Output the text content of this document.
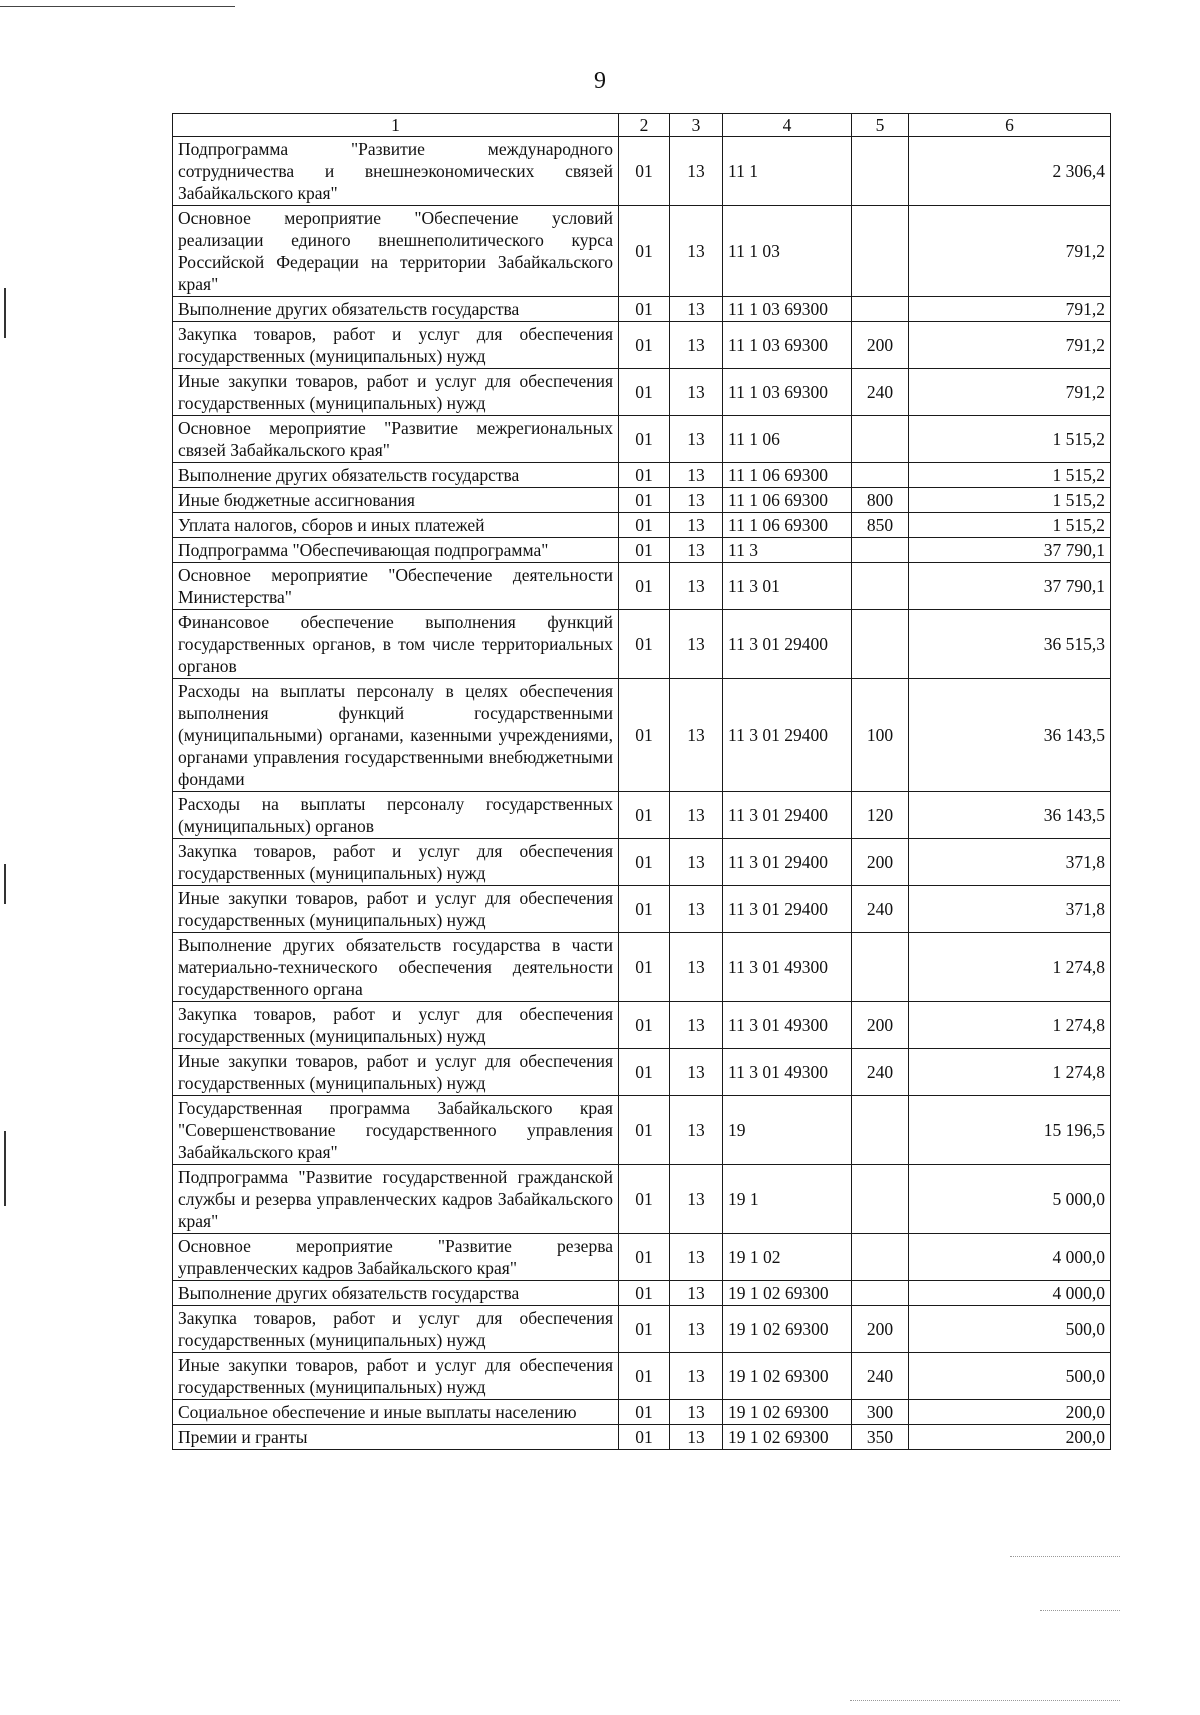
9
1	2	3	4	5	6
Подпрограмма "Развитие международного сотрудничества и внешнеэкономических связей Забайкальского края"	01	13	11 1		2 306,4
Основное мероприятие "Обеспечение условий реализации единого внешнеполитического курса Российской Федерации на территории Забайкальского края"	01	13	11 1 03		791,2
Выполнение других обязательств государства	01	13	11 1 03 69300		791,2
Закупка товаров, работ и услуг для обеспечения государственных (муниципальных) нужд	01	13	11 1 03 69300	200	791,2
Иные закупки товаров, работ и услуг для обеспечения государственных (муниципальных) нужд	01	13	11 1 03 69300	240	791,2
Основное мероприятие "Развитие межрегиональных связей Забайкальского края"	01	13	11 1 06		1 515,2
Выполнение других обязательств государства	01	13	11 1 06 69300		1 515,2
Иные бюджетные ассигнования	01	13	11 1 06 69300	800	1 515,2
Уплата налогов, сборов и иных платежей	01	13	11 1 06 69300	850	1 515,2
Подпрограмма "Обеспечивающая подпрограмма"	01	13	11 3		37 790,1
Основное мероприятие "Обеспечение деятельности Министерства"	01	13	11 3 01		37 790,1
Финансовое обеспечение выполнения функций государственных органов, в том числе территориальных органов	01	13	11 3 01 29400		36 515,3
Расходы на выплаты персоналу в целях обеспечения выполнения функций государственными (муниципальными) органами, казенными учреждениями, органами управления государственными внебюджетными фондами	01	13	11 3 01 29400	100	36 143,5
Расходы на выплаты персоналу государственных (муниципальных) органов	01	13	11 3 01 29400	120	36 143,5
Закупка товаров, работ и услуг для обеспечения государственных (муниципальных) нужд	01	13	11 3 01 29400	200	371,8
Иные закупки товаров, работ и услуг для обеспечения государственных (муниципальных) нужд	01	13	11 3 01 29400	240	371,8
Выполнение других обязательств государства в части материально-технического обеспечения деятельности государственного органа	01	13	11 3 01 49300		1 274,8
Закупка товаров, работ и услуг для обеспечения государственных (муниципальных) нужд	01	13	11 3 01 49300	200	1 274,8
Иные закупки товаров, работ и услуг для обеспечения государственных (муниципальных) нужд	01	13	11 3 01 49300	240	1 274,8
Государственная программа Забайкальского края "Совершенствование государственного управления Забайкальского края"	01	13	19		15 196,5
Подпрограмма "Развитие государственной гражданской службы и резерва управленческих кадров Забайкальского края"	01	13	19 1		5 000,0
Основное мероприятие "Развитие резерва управленческих кадров Забайкальского края"	01	13	19 1 02		4 000,0
Выполнение других обязательств государства	01	13	19 1 02 69300		4 000,0
Закупка товаров, работ и услуг для обеспечения государственных (муниципальных) нужд	01	13	19 1 02 69300	200	500,0
Иные закупки товаров, работ и услуг для обеспечения государственных (муниципальных) нужд	01	13	19 1 02 69300	240	500,0
Социальное обеспечение и иные выплаты населению	01	13	19 1 02 69300	300	200,0
Премии и гранты	01	13	19 1 02 69300	350	200,0
